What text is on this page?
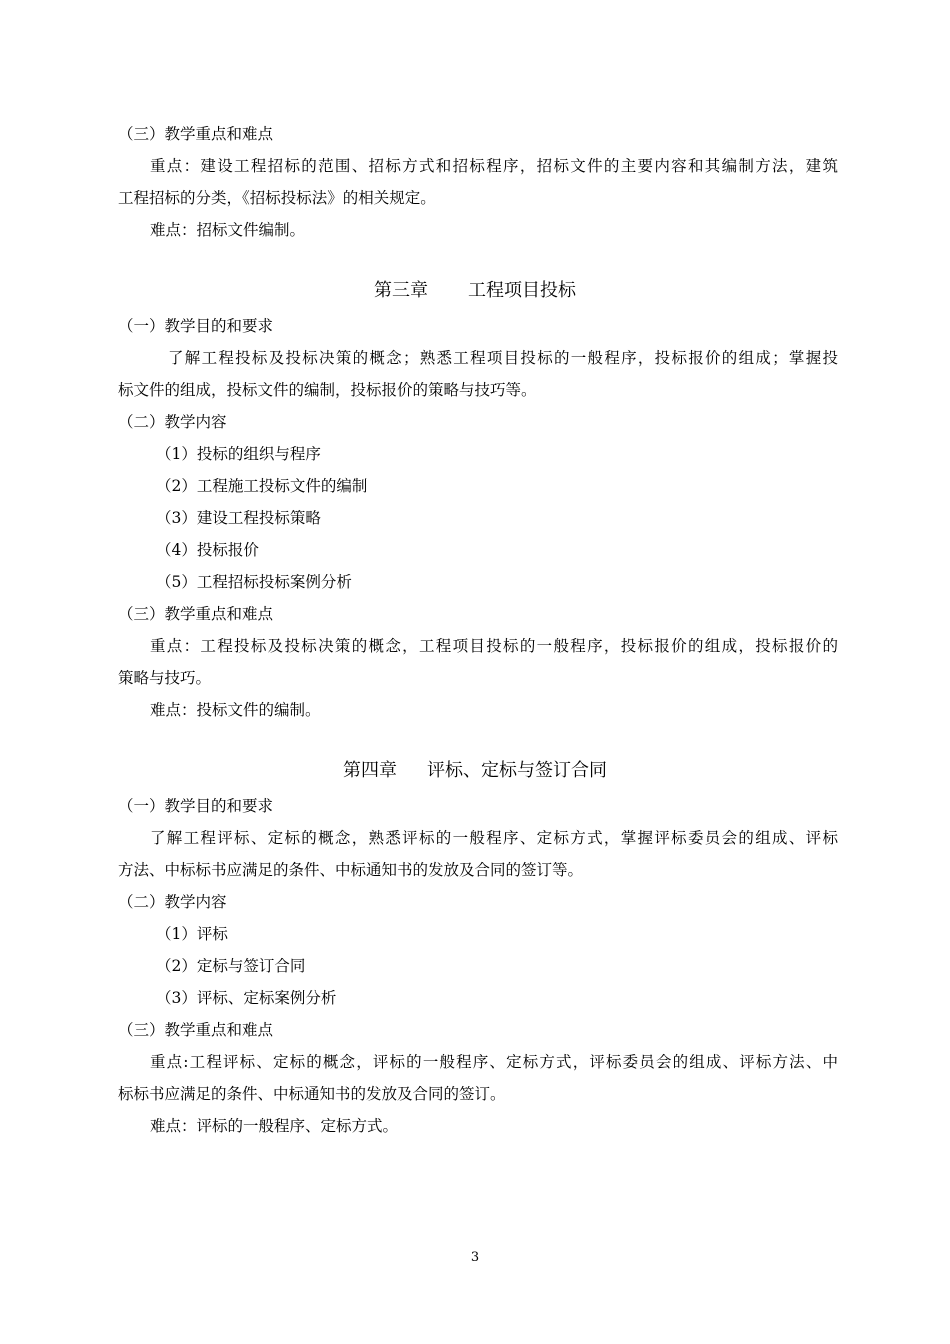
（三）教学重点和难点
重点：建设工程招标的范围、招标方式和招标程序，招标文件的主要内容和其编制方法，建筑
工程招标的分类，《招标投标法》的相关规定。
难点：招标文件编制。
第三章 工程项目投标
（一）教学目的和要求
了解工程投标及投标决策的概念；熟悉工程项目投标的一般程序，投标报价的组成；掌握投
标文件的组成，投标文件的编制，投标报价的策略与技巧等。
（二）教学内容
（1）投标的组织与程序
（2）工程施工投标文件的编制
（3）建设工程投标策略
（4）投标报价
（5）工程招标投标案例分析
（三）教学重点和难点
重点：工程投标及投标决策的概念，工程项目投标的一般程序，投标报价的组成，投标报价的
策略与技巧。
难点：投标文件的编制。
第四章 评标、定标与签订合同
（一）教学目的和要求
了解工程评标、定标的概念，熟悉评标的一般程序、定标方式，掌握评标委员会的组成、评标
方法、中标标书应满足的条件、中标通知书的发放及合同的签订等。
（二）教学内容
（1）评标
（2）定标与签订合同
（3）评标、定标案例分析
（三）教学重点和难点
重点:工程评标、定标的概念，评标的一般程序、定标方式，评标委员会的组成、评标方法、中
标标书应满足的条件、中标通知书的发放及合同的签订。
难点：评标的一般程序、定标方式。
3
